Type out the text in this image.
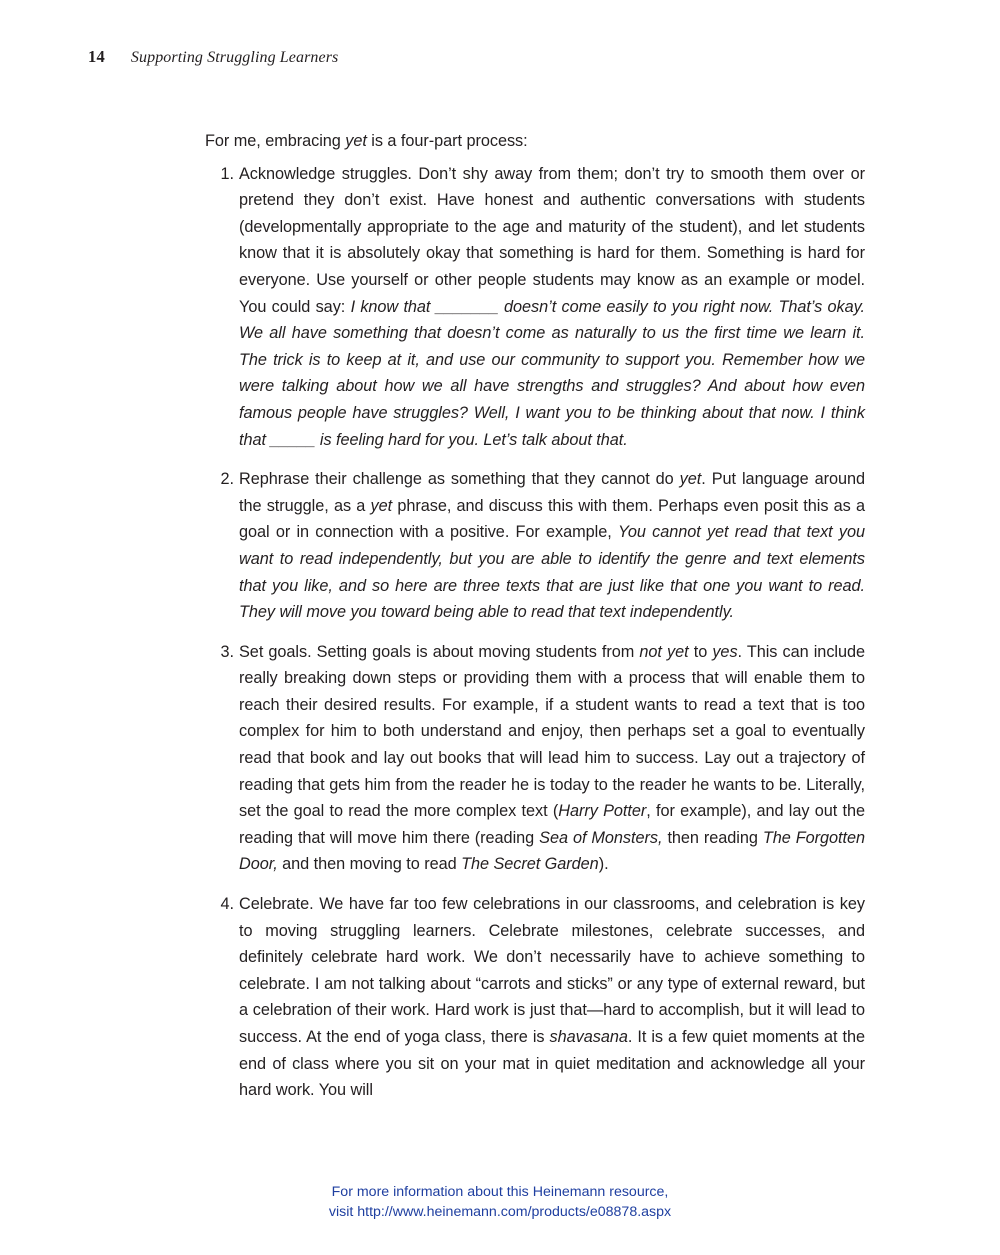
14 Supporting Struggling Learners

For me, embracing yet is a four-part process:

Acknowledge struggles. Don’t shy away from them; don’t try to smooth them over or pretend they don’t exist. Have honest and authentic conversations with students (developmentally appropriate to the age and maturity of the student), and let students know that it is absolutely okay that something is hard for them. Something is hard for everyone. Use yourself or other people students may know as an example or model. You could say: I know that _______ doesn’t come easily to you right now. That’s okay. We all have something that doesn’t come as naturally to us the first time we learn it. The trick is to keep at it, and use our community to support you. Remember how we were talking about how we all have strengths and struggles? And about how even famous people have struggles? Well, I want you to be thinking about that now. I think that _____ is feeling hard for you. Let’s talk about that.
Rephrase their challenge as something that they cannot do yet. Put language around the struggle, as a yet phrase, and discuss this with them. Perhaps even posit this as a goal or in connection with a positive. For example, You cannot yet read that text you want to read independently, but you are able to identify the genre and text elements that you like, and so here are three texts that are just like that one you want to read. They will move you toward being able to read that text independently.
Set goals. Setting goals is about moving students from not yet to yes. This can include really breaking down steps or providing them with a process that will enable them to reach their desired results. For example, if a student wants to read a text that is too complex for him to both understand and enjoy, then perhaps set a goal to eventually read that book and lay out books that will lead him to success. Lay out a trajectory of reading that gets him from the reader he is today to the reader he wants to be. Literally, set the goal to read the more complex text (Harry Potter, for example), and lay out the reading that will move him there (reading Sea of Monsters, then reading The Forgotten Door, and then moving to read The Secret Garden).
Celebrate. We have far too few celebrations in our classrooms, and celebration is key to moving struggling learners. Celebrate milestones, celebrate successes, and definitely celebrate hard work. We don’t necessarily have to achieve something to celebrate. I am not talking about “carrots and sticks” or any type of external reward, but a celebration of their work. Hard work is just that—hard to accomplish, but it will lead to success. At the end of yoga class, there is shavasana. It is a few quiet moments at the end of class where you sit on your mat in quiet meditation and acknowledge all your hard work. You will
For more information about this Heinemann resource,
visit http://www.heinemann.com/products/e08878.aspx
